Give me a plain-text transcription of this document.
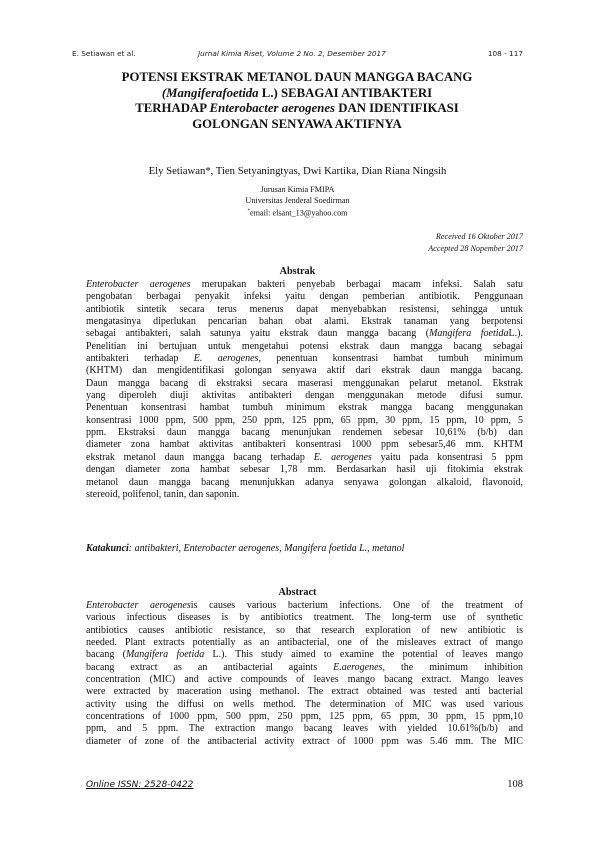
E. Setiawan et al.	Jurnal Kimia Riset, Volume 2 No. 2, Desember 2017	108 - 117
POTENSI EKSTRAK METANOL DAUN MANGGA BACANG
(Mangiferafoetida L.) SEBAGAI ANTIBAKTERI
TERHADAP Enterobacter aerogenes DAN IDENTIFIKASI
GOLONGAN SENYAWA AKTIFNYA
Ely Setiawan*, Tien Setyaningtyas, Dwi Kartika, Dian Riana Ningsih
Jurusan Kimia FMIPA
Universitas Jenderal Soedirman
*email: elsant_13@yahoo.com
Received 16 Oktober 2017
Accepted 28 Nopember 2017
Abstrak
Enterobacter aerogenes merupakan bakteri penyebab berbagai macam infeksi. Salah satu
pengobatan berbagai penyakit infeksi yaitu dengan pemberian antibiotik. Penggunaan
antibiotik sintetik secara terus menerus dapat menyebabkan resistensi, sehingga untuk
mengatasinya diperlukan pencarian bahan obat alami. Ekstrak tanaman yang berpotensi
sebagai antibakteri, salah satunya yaitu ekstrak daun mangga bacang (Mangifera foetidaL.).
Penelitian ini bertujuan untuk mengetahui potensi ekstrak daun mangga bacang sebagai
antibakteri terhadap E. aerogenes, penentuan konsentrasi hambat tumbuh minimum
(KHTM) dan mengidentifikasi golongan senyawa aktif dari ekstrak daun mangga bacang.
Daun mangga bacang di ekstraksi secara maserasi menggunakan pelarut metanol. Ekstrak
yang diperoleh diuji aktivitas antibakteri dengan menggunakan metode difusi sumur.
Penentuan konsentrasi hambat tumbuh minimum ekstrak mangga bacang menggunakan
konsentrasi 1000 ppm, 500 ppm, 250 ppm, 125 ppm, 65 ppm, 30 ppm, 15 ppm, 10 ppm, 5
ppm. Ekstraksi daun mangga bacang menunjukan rendemen sebesar 10,61% (b/b) dan
diameter zona hambat aktivitas antibakteri konsentrasi 1000 ppm sebesar5,46 mm. KHTM
ekstrak metanol daun mangga bacang terhadap E. aerogenes yaitu pada konsentrasi 5 ppm
dengan diameter zona hambat sebesar 1,78 mm. Berdasarkan hasil uji fitokimia ekstrak
metanol daun mangga bacang menunjukkan adanya senyawa golongan alkaloid, flavonoid,
stereoid, polifenol, tanin, dan saponin.
Katakunci: antibakteri, Enterobacter aerogenes, Mangifera foetida L., metanol
Abstract
Enterobacter aerogenesis causes various bacterium infections. One of the treatment of
various infectious diseases is by antibiotics treatment. The long-term use of synthetic
antibiotics causes antibiotic resistance, so that research exploration of new antibiotic is
needed. Plant extracts potentially as an antibacterial, one of the misleaves extract of mango
bacang (Mangifera foetida L.). This study aimed to examine the potential of leaves mango
bacang extract as an antibacterial againts E.aerogenes, the minimum inhibition
concentration (MIC) and active compounds of leaves mango bacang extract. Mango leaves
were extracted by maceration using methanol. The extract obtained was tested anti bacterial
activity using the diffusi on wells method. The determination of MIC was used various
concentrations of 1000 ppm, 500 ppm, 250 ppm, 125 ppm, 65 ppm, 30 ppm, 15 ppm,10
ppm, and 5 ppm. The extraction mango bacang leaves with yielded 10.61%(b/b) and
diameter of zone of the antibacterial activity extract of 1000 ppm was 5.46 mm. The MIC
Online ISSN: 2528-0422	108
